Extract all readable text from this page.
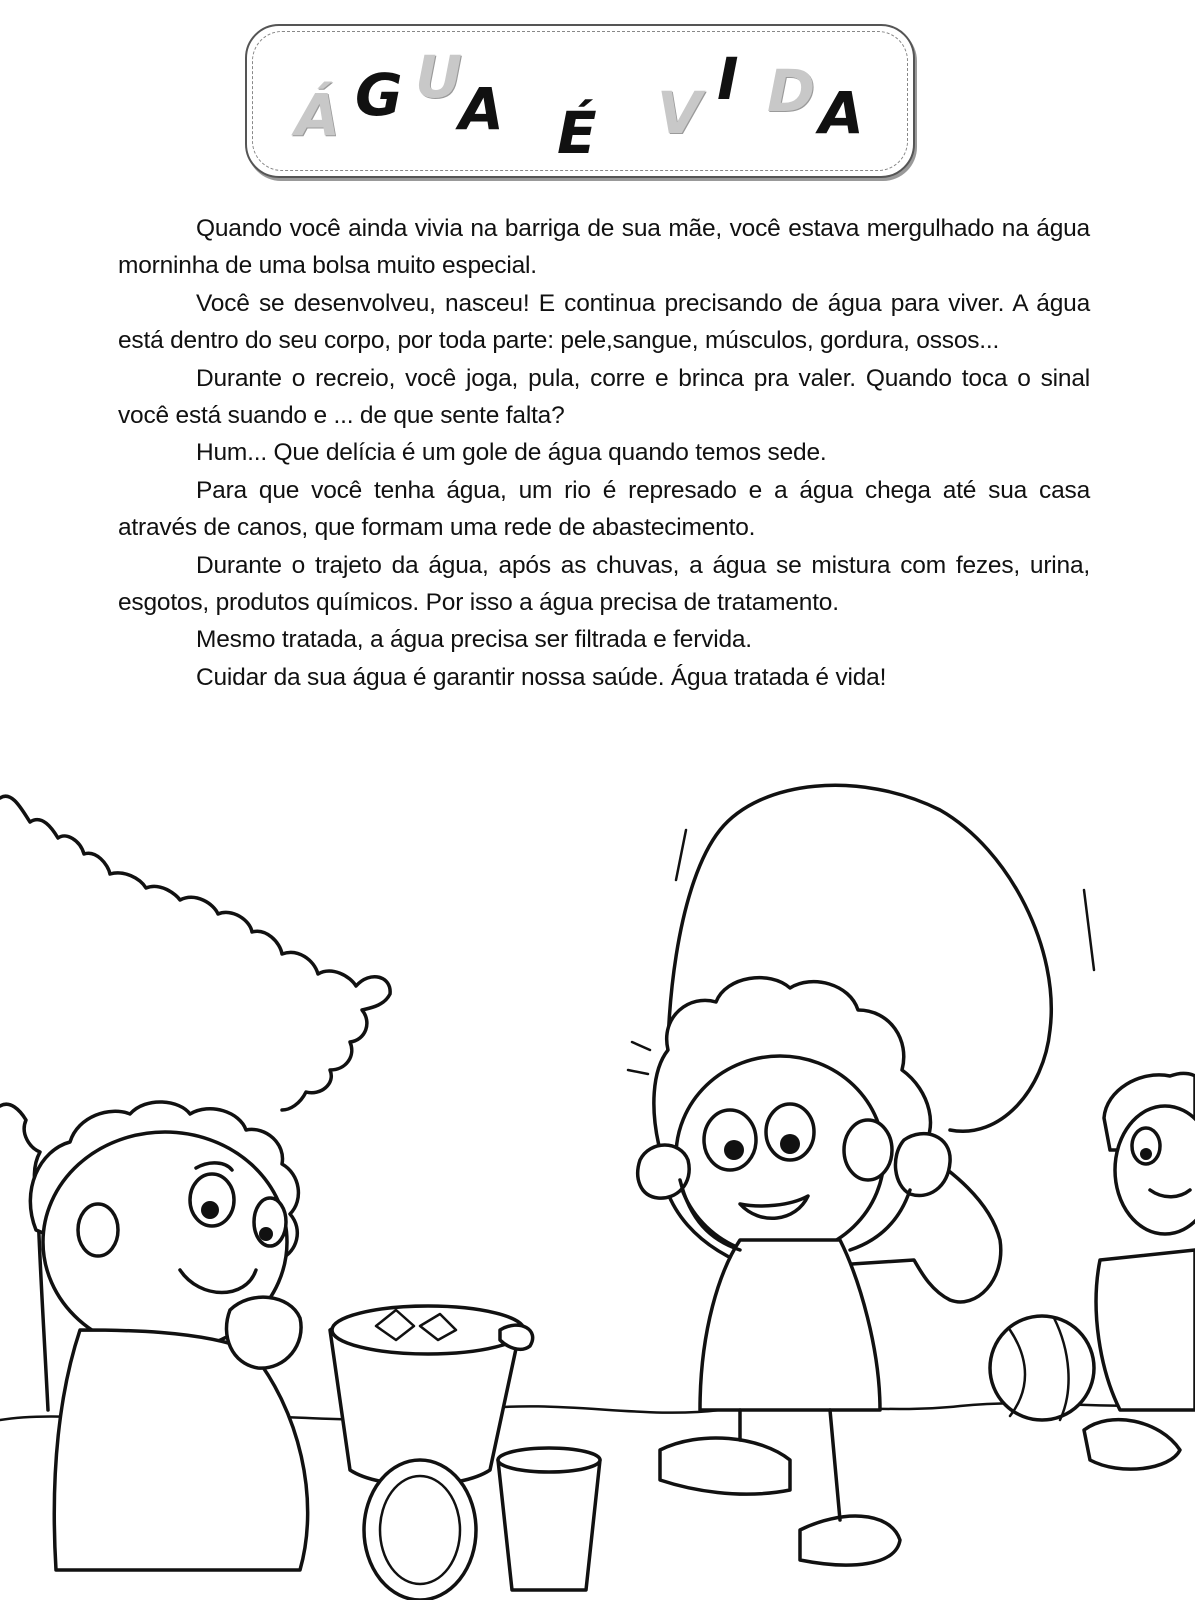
Á G U
A É V I D A

Quando você ainda vivia na barriga de sua mãe, você estava mergulhado na água morninha de uma bolsa muito especial.

Você se desenvolveu, nasceu! E continua precisando de água para viver. A água está dentro do seu corpo, por toda parte: pele,sangue, músculos, gordura, ossos...

Durante o recreio, você joga, pula, corre e brinca pra valer. Quando toca o sinal você está suando e ... de que sente falta?

Hum... Que delícia é um gole de água quando temos sede.

Para que você tenha água, um rio é represado e a água chega até sua casa através de canos, que formam uma rede de abastecimento.

Durante o trajeto da água, após as chuvas, a água se mistura com fezes, urina, esgotos, produtos químicos. Por isso a água precisa de tratamento.

Mesmo tratada, a água precisa ser filtrada e fervida.

Cuidar da sua água é garantir nossa saúde. Água tratada é vida!
